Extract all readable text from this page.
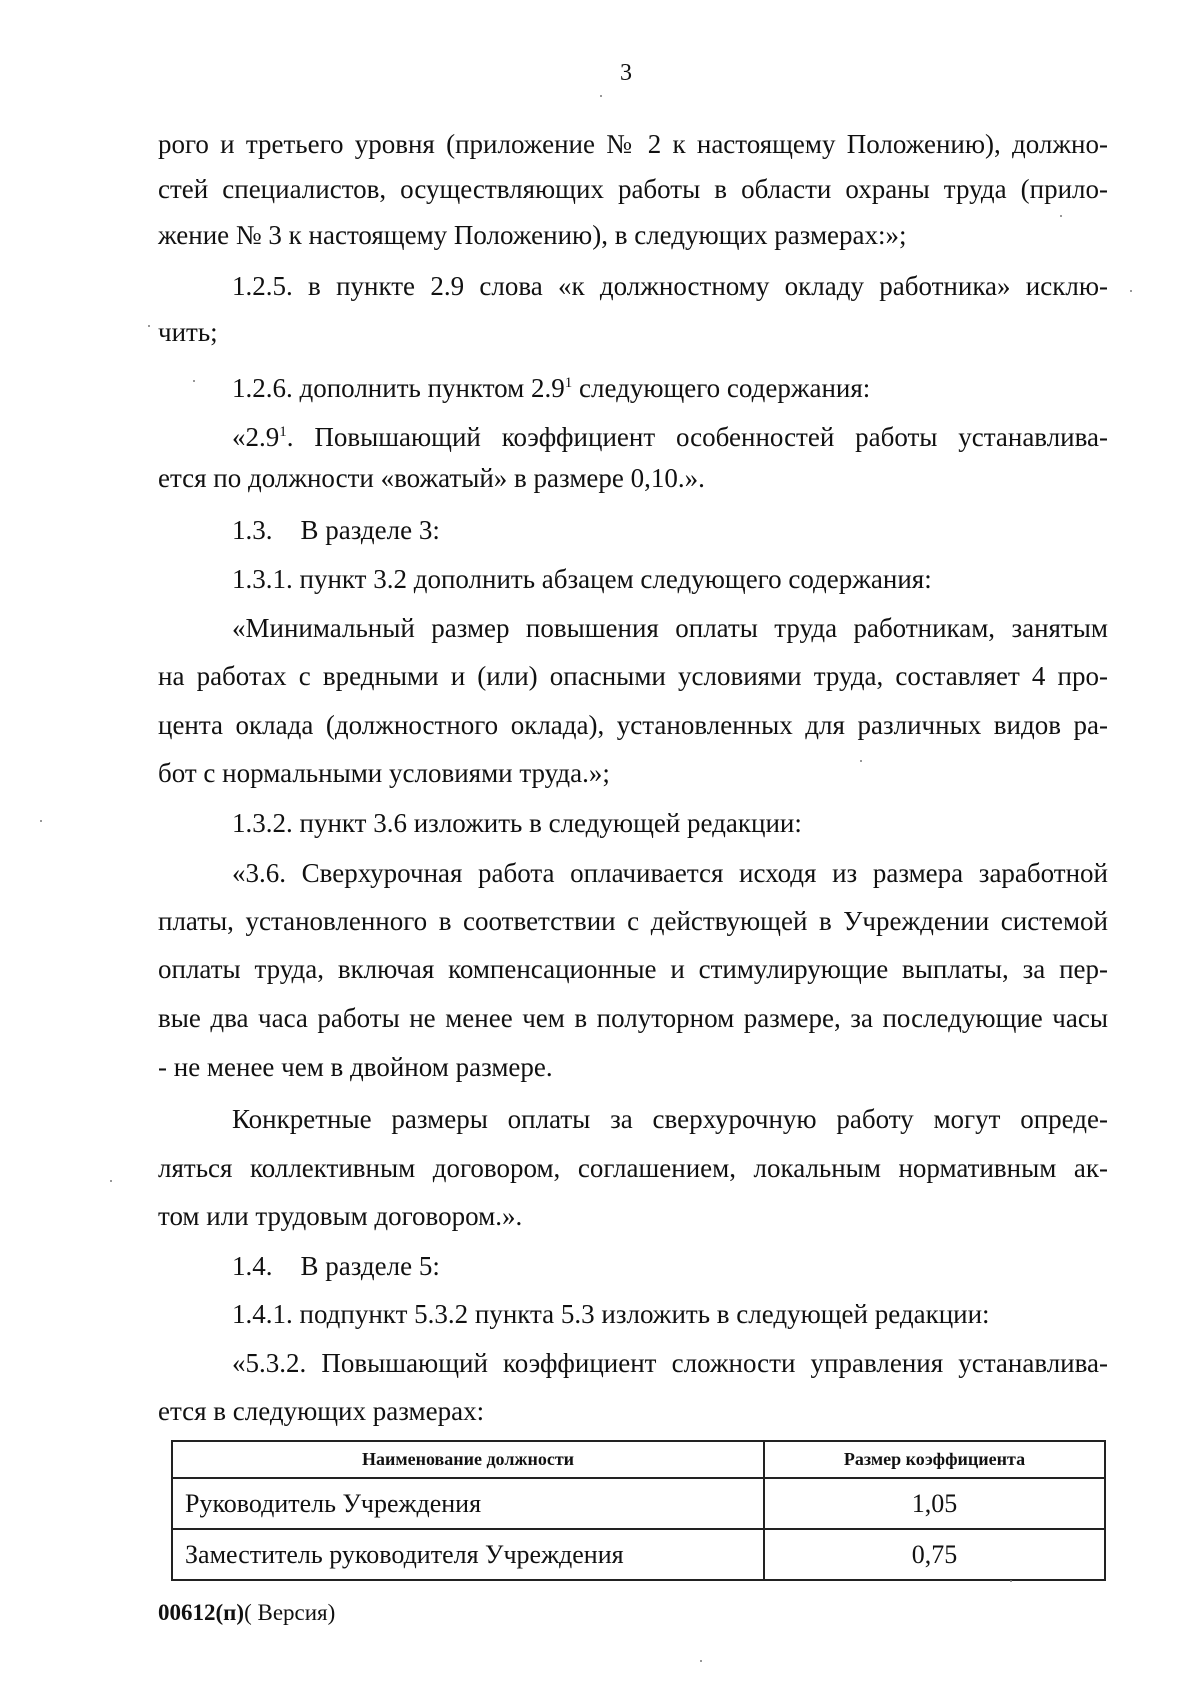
3
рого и третьего уровня (приложение № 2 к настоящему Положению), должно-
стей специалистов, осуществляющих работы в области охраны труда (прило-
жение № 3 к настоящему Положению), в следующих размерах:»;
1.2.5. в пункте 2.9 слова «к должностному окладу работника» исклю-
чить;
1.2.6. дополнить пунктом $2.9^1$ следующего содержания:
«$2.9^1$. Повышающий коэффициент особенностей работы устанавлива-
ется по должности «вожатый» в размере 0,10.».
1.3. В разделе 3:
1.3.1. пункт 3.2 дополнить абзацем следующего содержания:
«Минимальный размер повышения оплаты труда работникам, занятым
на работах с вредными и (или) опасными условиями труда, составляет 4 про-
цента оклада (должностного оклада), установленных для различных видов ра-
бот с нормальными условиями труда.»;
1.3.2. пункт 3.6 изложить в следующей редакции:
«3.6. Сверхурочная работа оплачивается исходя из размера заработной
платы, установленного в соответствии с действующей в Учреждении системой
оплаты труда, включая компенсационные и стимулирующие выплаты, за пер-
вые два часа работы не менее чем в полуторном размере, за последующие часы
- не менее чем в двойном размере.
Конкретные размеры оплаты за сверхурочную работу могут опреде-
ляться коллективным договором, соглашением, локальным нормативным ак-
том или трудовым договором.».
1.4. В разделе 5:
1.4.1. подпункт 5.3.2 пункта 5.3 изложить в следующей редакции:
«5.3.2. Повышающий коэффициент сложности управления устанавлива-
ется в следующих размерах:
Наименование должности	Размер коэффициента
Руководитель Учреждения	1,05
Заместитель руководителя Учреждения	0,75
00612(п)( Версия)
